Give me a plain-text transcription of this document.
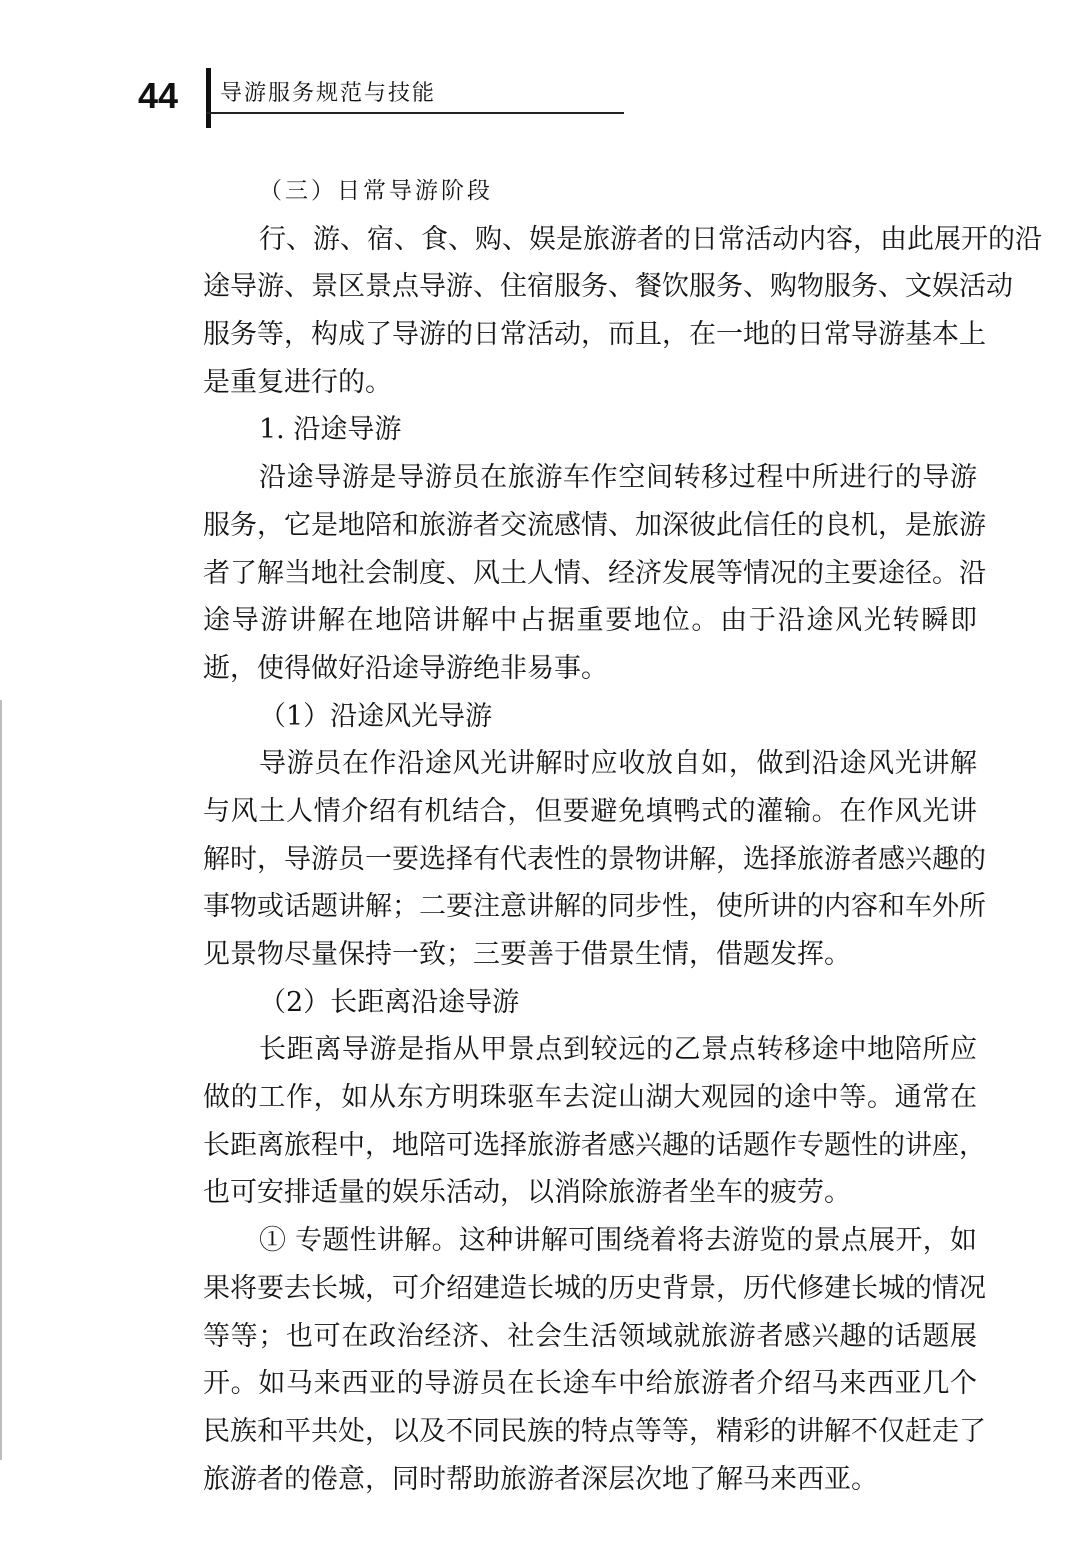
44 导游服务规范与技能
（三）日常导游阶段
行、游、宿、食、购、娱是旅游者的日常活动内容，由此展开的沿
途导游、景区景点导游、住宿服务、餐饮服务、购物服务、文娱活动
服务等，构成了导游的日常活动，而且，在一地的日常导游基本上
是重复进行的。
1. 沿途导游
沿途导游是导游员在旅游车作空间转移过程中所进行的导游
服务，它是地陪和旅游者交流感情、加深彼此信任的良机，是旅游
者了解当地社会制度、风土人情、经济发展等情况的主要途径。沿
途导游讲解在地陪讲解中占据重要地位。由于沿途风光转瞬即
逝，使得做好沿途导游绝非易事。
（1）沿途风光导游
导游员在作沿途风光讲解时应收放自如，做到沿途风光讲解
与风土人情介绍有机结合，但要避免填鸭式的灌输。在作风光讲
解时，导游员一要选择有代表性的景物讲解，选择旅游者感兴趣的
事物或话题讲解；二要注意讲解的同步性，使所讲的内容和车外所
见景物尽量保持一致；三要善于借景生情，借题发挥。
（2）长距离沿途导游
长距离导游是指从甲景点到较远的乙景点转移途中地陪所应
做的工作，如从东方明珠驱车去淀山湖大观园的途中等。通常在
长距离旅程中，地陪可选择旅游者感兴趣的话题作专题性的讲座，
也可安排适量的娱乐活动，以消除旅游者坐车的疲劳。
① 专题性讲解。这种讲解可围绕着将去游览的景点展开，如
果将要去长城，可介绍建造长城的历史背景，历代修建长城的情况
等等；也可在政治经济、社会生活领域就旅游者感兴趣的话题展
开。如马来西亚的导游员在长途车中给旅游者介绍马来西亚几个
民族和平共处，以及不同民族的特点等等，精彩的讲解不仅赶走了
旅游者的倦意，同时帮助旅游者深层次地了解马来西亚。
